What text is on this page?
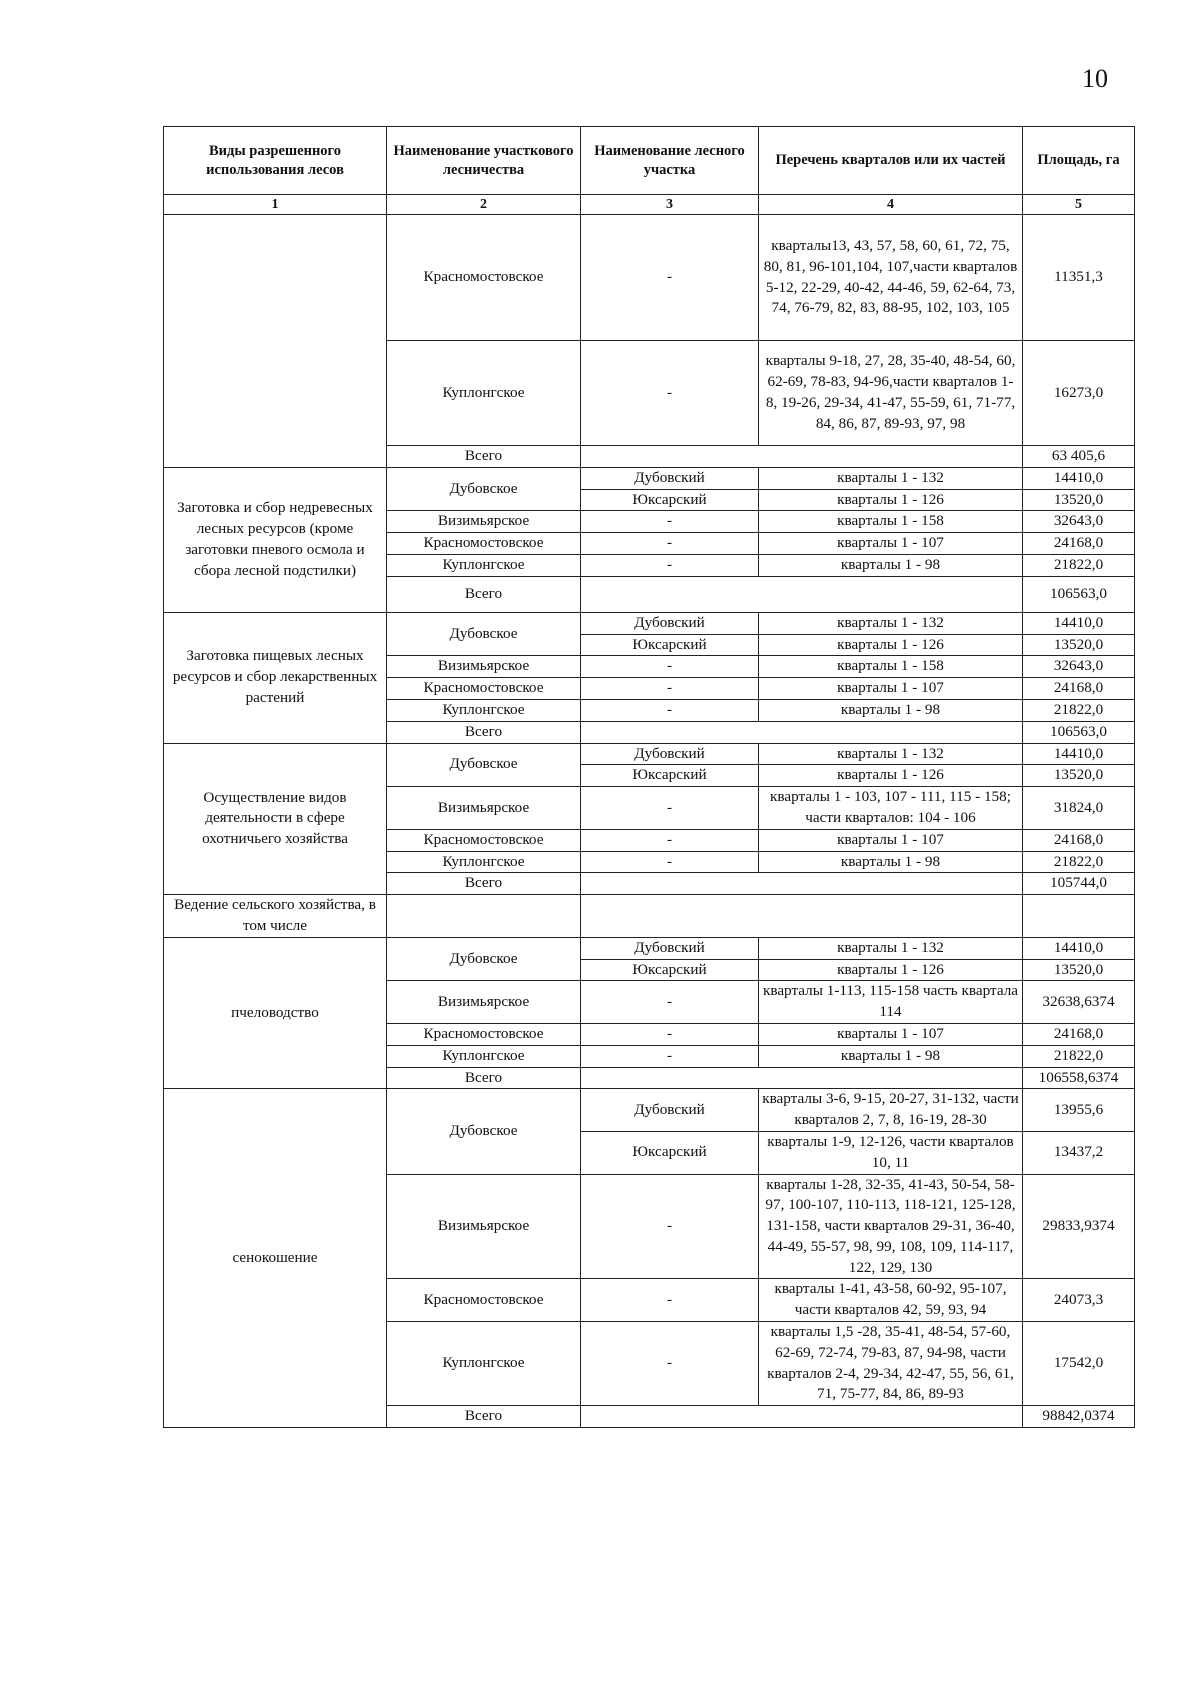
10
Виды разрешенного использования лесов	Наименование участкового лесничества	Наименование лесного участка	Перечень кварталов или их частей	Площадь, га
1	2	3	4	5
	Красномостовское	-	кварталы13, 43, 57, 58, 60, 61, 72, 75, 80, 81, 96-101,104, 107,части кварталов 5-12, 22-29, 40-42, 44-46, 59, 62-64, 73, 74, 76-79, 82, 83, 88-95, 102, 103, 105	11351,3
	Куплонгское	-	кварталы 9-18, 27, 28, 35-40, 48-54, 60, 62-69, 78-83, 94-96,части кварталов 1-8, 19-26, 29-34, 41-47, 55-59, 61, 71-77, 84, 86, 87, 89-93, 97, 98	16273,0
	Всего			63 405,6
Заготовка и сбор недревесных лесных ресурсов (кроме заготовки пневого осмола и сбора лесной подстилки)	Дубовское	Дубовский	кварталы 1 - 132	14410,0
		Юксарский	кварталы 1 - 126	13520,0
	Визимьярское	-	кварталы 1 - 158	32643,0
	Красномостовское	-	кварталы 1 - 107	24168,0
	Куплонгское	-	кварталы 1 - 98	21822,0
	Всего			106563,0
Заготовка пищевых лесных ресурсов и сбор лекарственных растений	Дубовское	Дубовский	кварталы 1 - 132	14410,0
		Юксарский	кварталы 1 - 126	13520,0
	Визимьярское	-	кварталы 1 - 158	32643,0
	Красномостовское	-	кварталы 1 - 107	24168,0
	Куплонгское	-	кварталы 1 - 98	21822,0
	Всего			106563,0
Осуществление видов деятельности в сфере охотничьего хозяйства	Дубовское	Дубовский	кварталы 1 - 132	14410,0
		Юксарский	кварталы 1 - 126	13520,0
	Визимьярское	-	кварталы 1 - 103, 107 - 111, 115 - 158; части кварталов: 104 - 106	31824,0
	Красномостовское	-	кварталы 1 - 107	24168,0
	Куплонгское	-	кварталы 1 - 98	21822,0
	Всего			105744,0
Ведение сельского хозяйства, в том числе				
пчеловодство	Дубовское	Дубовский	кварталы 1 - 132	14410,0
		Юксарский	кварталы 1 - 126	13520,0
	Визимьярское	-	кварталы 1-113, 115-158 часть квартала 114	32638,6374
	Красномостовское	-	кварталы 1 - 107	24168,0
	Куплонгское	-	кварталы 1 - 98	21822,0
	Всего			106558,6374
сенокошение	Дубовское	Дубовский	кварталы 3-6, 9-15, 20-27, 31-132, части кварталов 2, 7, 8, 16-19, 28-30	13955,6
		Юксарский	кварталы 1-9, 12-126, части кварталов 10, 11	13437,2
	Визимьярское	-	кварталы 1-28, 32-35, 41-43, 50-54, 58-97, 100-107, 110-113, 118-121, 125-128, 131-158, части кварталов 29-31, 36-40, 44-49, 55-57, 98, 99, 108, 109, 114-117, 122, 129, 130	29833,9374
	Красномостовское	-	кварталы 1-41, 43-58, 60-92, 95-107, части кварталов 42, 59, 93, 94	24073,3
	Куплонгское	-	кварталы 1,5 -28, 35-41, 48-54, 57-60, 62-69, 72-74, 79-83, 87, 94-98, части кварталов 2-4, 29-34, 42-47, 55, 56, 61, 71, 75-77, 84, 86, 89-93	17542,0
	Всего			98842,0374
